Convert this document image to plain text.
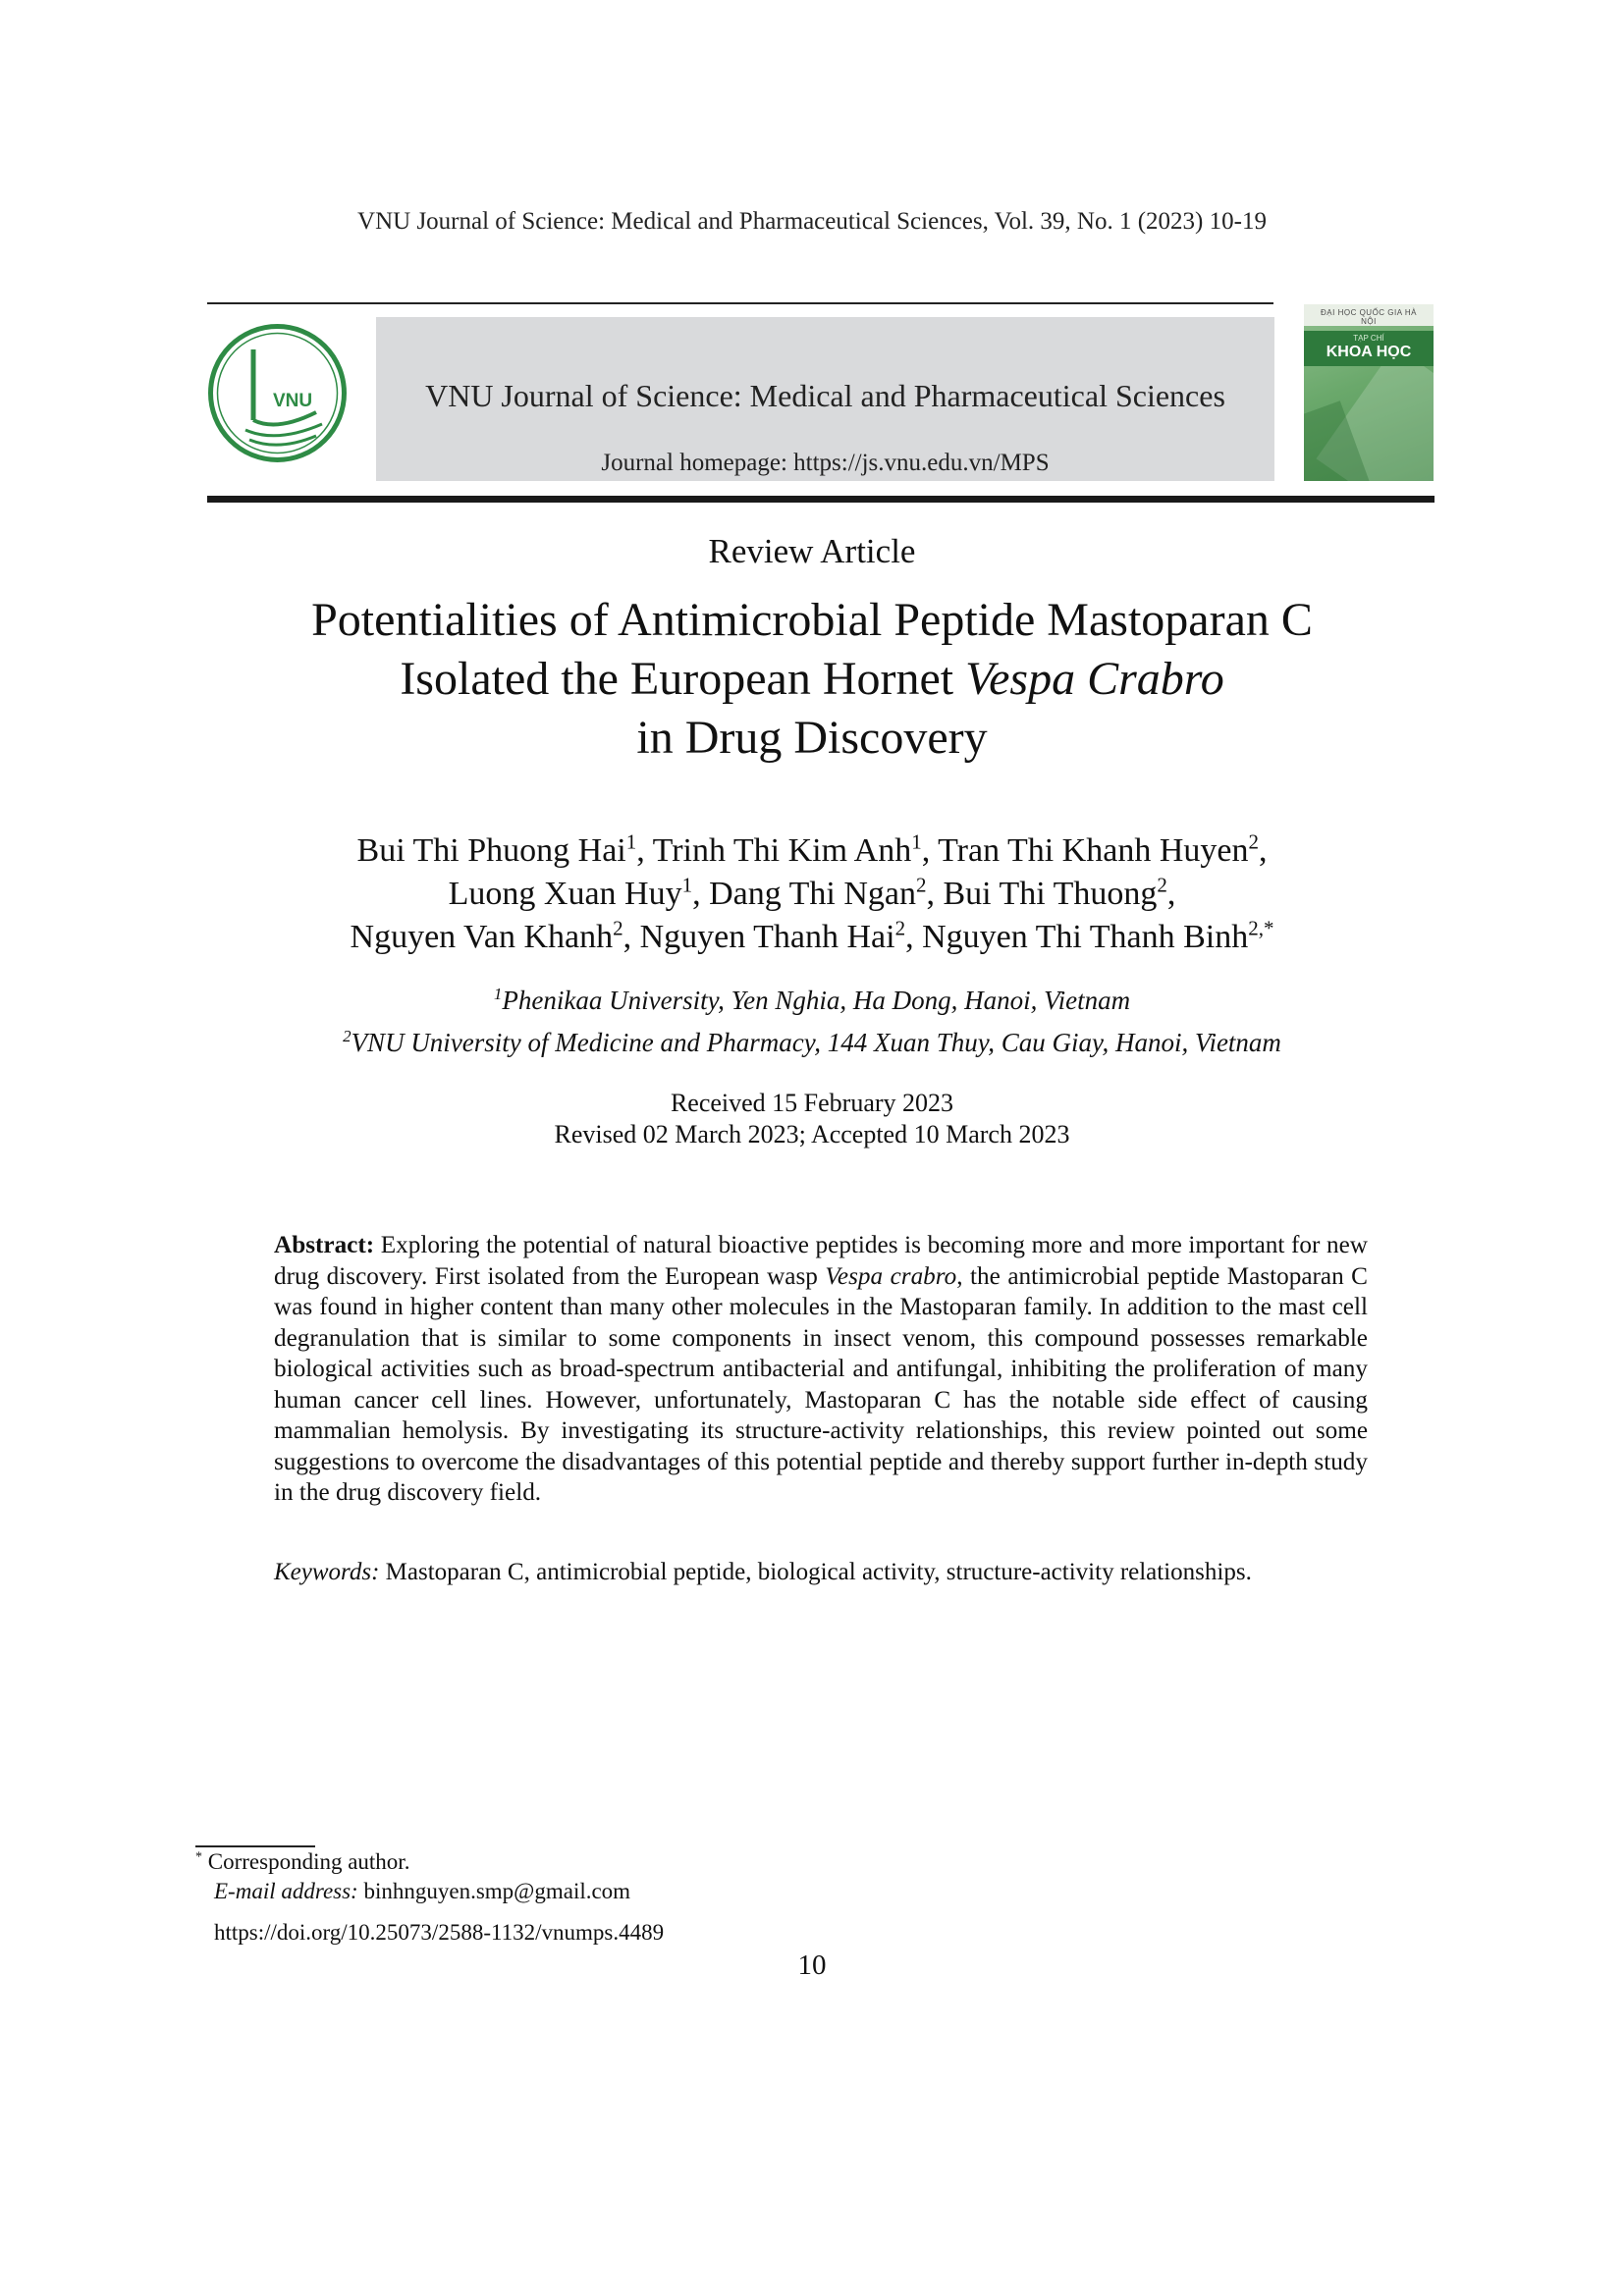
VNU Journal of Science: Medical and Pharmaceutical Sciences, Vol. 39, No. 1 (2023) 10-19
VNU	VNU Journal of Science: Medical and Pharmaceutical Sciences
Journal homepage: https://js.vnu.edu.vn/MPS
ĐẠI HỌC QUỐC GIA HÀ NỘI
TẠP CHÍ
KHOA HỌC
Review Article
Potentialities of Antimicrobial Peptide Mastoparan C
Isolated the European Hornet Vespa Crabro
in Drug Discovery
Bui Thi Phuong Hai$^1$, Trinh Thi Kim Anh$^1$, Tran Thi Khanh Huyen$^2$,
Luong Xuan Huy$^1$, Dang Thi Ngan$^2$, Bui Thi Thuong$^2$,
Nguyen Van Khanh$^2$, Nguyen Thanh Hai$^2$, Nguyen Thi Thanh Binh$^{2,*}$
$^1$Phenikaa University, Yen Nghia, Ha Dong, Hanoi, Vietnam
$^2$VNU University of Medicine and Pharmacy, 144 Xuan Thuy, Cau Giay, Hanoi, Vietnam
Received 15 February 2023
Revised 02 March 2023; Accepted 10 March 2023
Abstract: Exploring the potential of natural bioactive peptides is becoming more and more important for new drug discovery. First isolated from the European wasp Vespa crabro, the antimicrobial peptide Mastoparan C was found in higher content than many other molecules in the Mastoparan family. In addition to the mast cell degranulation that is similar to some components in insect venom, this compound possesses remarkable biological activities such as broad-spectrum antibacterial and antifungal, inhibiting the proliferation of many human cancer cell lines. However, unfortunately, Mastoparan C has the notable side effect of causing mammalian hemolysis. By investigating its structure-activity relationships, this review pointed out some suggestions to overcome the disadvantages of this potential peptide and thereby support further in-depth study in the drug discovery field.
Keywords: Mastoparan C, antimicrobial peptide, biological activity, structure-activity relationships.
* Corresponding author.
E-mail address: binhnguyen.smp@gmail.com
https://doi.org/10.25073/2588-1132/vnumps.4489
10
